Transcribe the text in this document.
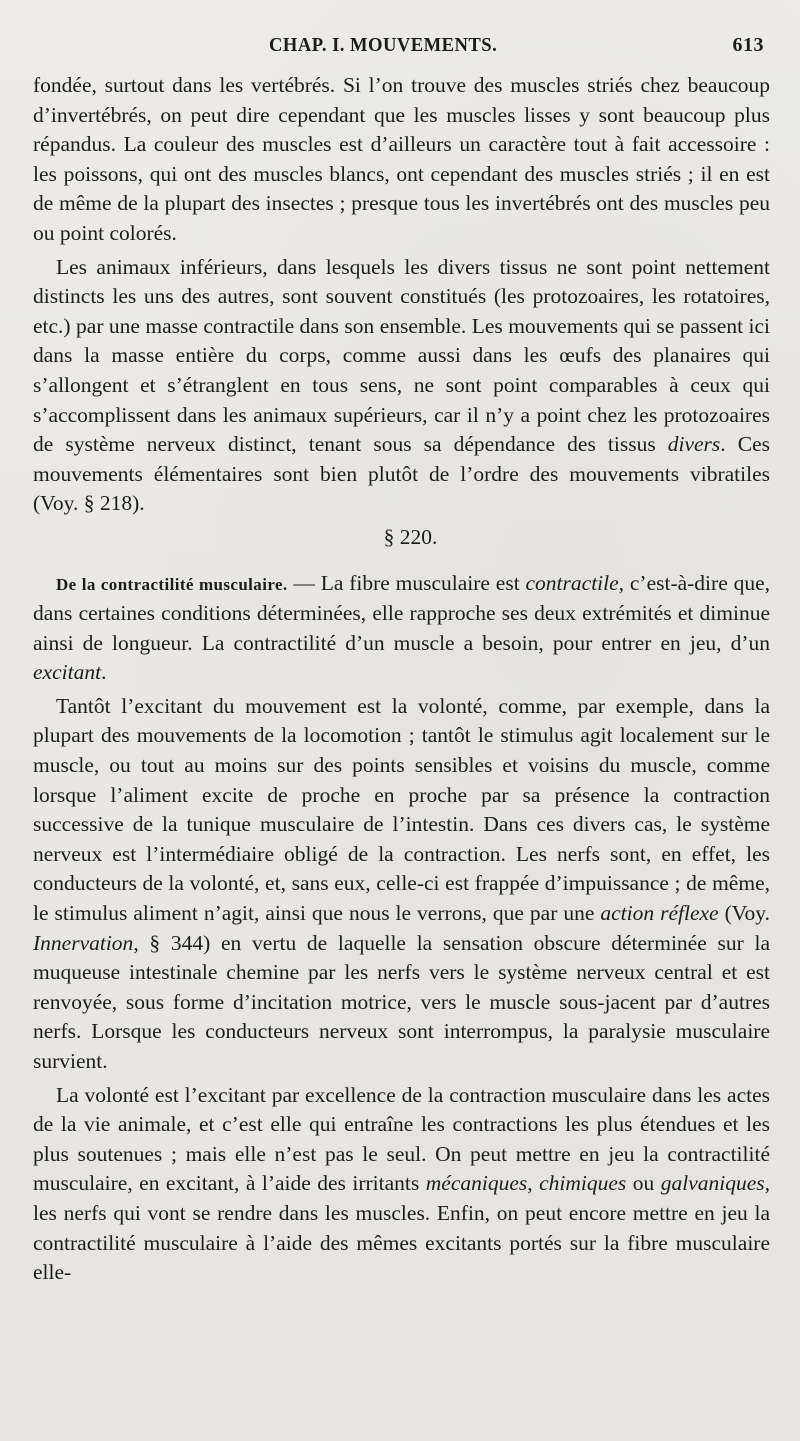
CHAP. I. MOUVEMENTS.	613

fondée, surtout dans les vertébrés. Si l’on trouve des muscles striés chez beaucoup d’invertébrés, on peut dire cependant que les muscles lisses y sont beaucoup plus répandus. La couleur des muscles est d’ailleurs un caractère tout à fait accessoire : les poissons, qui ont des muscles blancs, ont cependant des muscles striés ; il en est de même de la plupart des insectes ; presque tous les invertébrés ont des muscles peu ou point colorés.

Les animaux inférieurs, dans lesquels les divers tissus ne sont point nettement distincts les uns des autres, sont souvent constitués (les protozoaires, les rotatoires, etc.) par une masse contractile dans son ensemble. Les mouvements qui se passent ici dans la masse entière du corps, comme aussi dans les œufs des planaires qui s’allongent et s’étranglent en tous sens, ne sont point comparables à ceux qui s’accomplissent dans les animaux supérieurs, car il n’y a point chez les protozoaires de système nerveux distinct, tenant sous sa dépendance des tissus divers. Ces mouvements élémentaires sont bien plutôt de l’ordre des mouvements vibratiles (Voy. § 218).

§ 220.

De la contractilité musculaire. — La fibre musculaire est contractile, c’est-à-dire que, dans certaines conditions déterminées, elle rapproche ses deux extrémités et diminue ainsi de longueur. La contractilité d’un muscle a besoin, pour entrer en jeu, d’un excitant.

Tantôt l’excitant du mouvement est la volonté, comme, par exemple, dans la plupart des mouvements de la locomotion ; tantôt le stimulus agit localement sur le muscle, ou tout au moins sur des points sensibles et voisins du muscle, comme lorsque l’aliment excite de proche en proche par sa présence la contraction successive de la tunique musculaire de l’intestin. Dans ces divers cas, le système nerveux est l’intermédiaire obligé de la contraction. Les nerfs sont, en effet, les conducteurs de la volonté, et, sans eux, celle-ci est frappée d’impuissance ; de même, le stimulus aliment n’agit, ainsi que nous le verrons, que par une action réflexe (Voy. Innervation, § 344) en vertu de laquelle la sensation obscure déterminée sur la muqueuse intestinale chemine par les nerfs vers le système nerveux central et est renvoyée, sous forme d’incitation motrice, vers le muscle sous-jacent par d’autres nerfs. Lorsque les conducteurs nerveux sont interrompus, la paralysie musculaire survient.

La volonté est l’excitant par excellence de la contraction musculaire dans les actes de la vie animale, et c’est elle qui entraîne les contractions les plus étendues et les plus soutenues ; mais elle n’est pas le seul. On peut mettre en jeu la contractilité musculaire, en excitant, à l’aide des irritants mécaniques, chimiques ou galvaniques, les nerfs qui vont se rendre dans les muscles. Enfin, on peut encore mettre en jeu la contractilité musculaire à l’aide des mêmes excitants portés sur la fibre musculaire elle-
